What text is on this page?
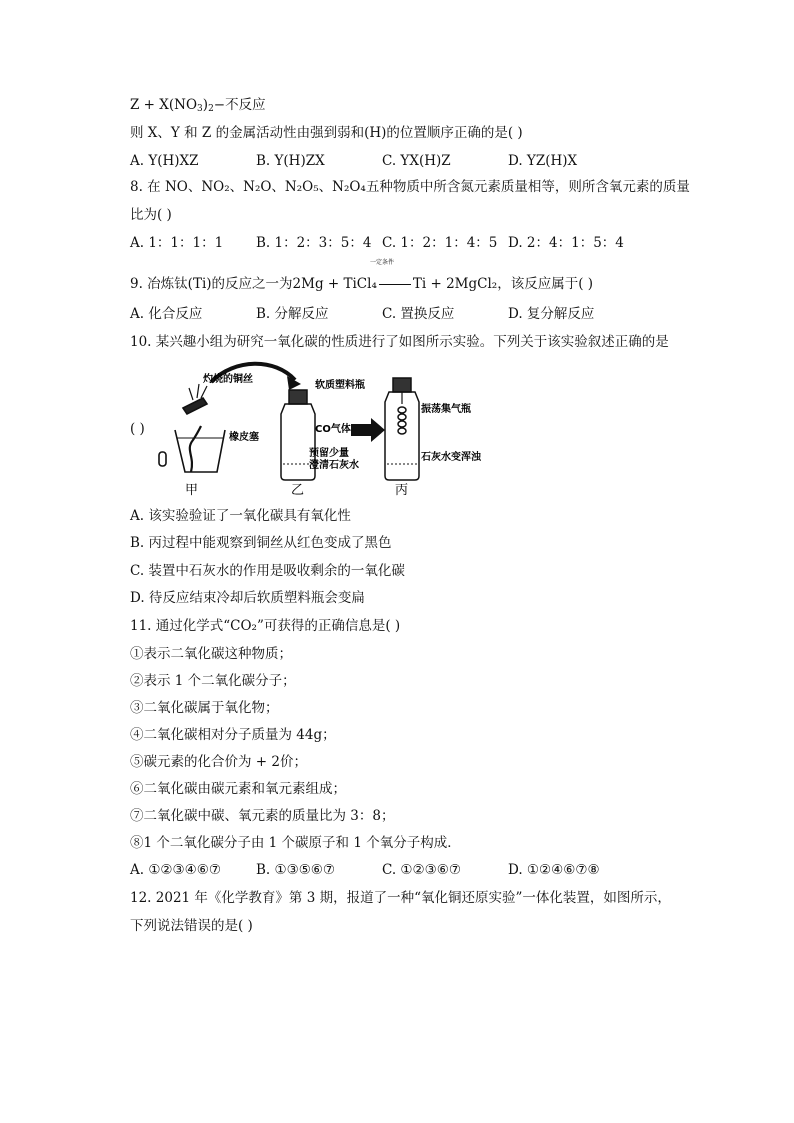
$Z + X(NO_3)_2-$不反应
则 X、Y 和 Z 的金属活动性由强到弱和(H)的位置顺序正确的是( )
A. Y(H)XZ	B. Y(H)ZX	C. YX(H)Z	D. YZ(H)X
8. 在 NO、NO₂、N₂O、N₂O₅、N₂O₄五种物质中所含氮元素质量相等，则所含氧元素的质量
比为( )
A. 1：1：1：1 B. 1：2：3：5：4 C. 1：2：1：4：5 D. 2：4：1：5：4
一定条件
9. 冶炼钛(Ti)的反应之一为2Mg + TiCl₄	Ti + 2MgCl₂，该反应属于( )
A. 化合反应	B. 分解反应	C. 置换反应	D. 复分解反应
10. 某兴趣小组为研究一氧化碳的性质进行了如图所示实验。下列关于该实验叙述正确的是
( )
灼烧的铜丝
橡皮塞
软质塑料瓶
CO气体
预留少量
澄清石灰水
振荡集气瓶
石灰水变浑浊
甲	乙	丙
A. 该实验验证了一氧化碳具有氧化性
B. 丙过程中能观察到铜丝从红色变成了黑色
C. 装置中石灰水的作用是吸收剩余的一氧化碳
D. 待反应结束冷却后软质塑料瓶会变扁
11. 通过化学式“CO₂”可获得的正确信息是( )
①表示二氧化碳这种物质；
②表示 1 个二氧化碳分子；
③二氧化碳属于氧化物；
④二氧化碳相对分子质量为 44g；
⑤碳元素的化合价为 + 2价；
⑥二氧化碳由碳元素和氧元素组成；
⑦二氧化碳中碳、氧元素的质量比为 3：8；
⑧1 个二氧化碳分子由 1 个碳原子和 1 个氧分子构成．
A. ①②③④⑥⑦	B. ①③⑤⑥⑦	C. ①②③⑥⑦	D. ①②④⑥⑦⑧
12. 2021 年《化学教育》第 3 期，报道了一种“氧化铜还原实验”一体化装置，如图所示，
下列说法错误的是( )
